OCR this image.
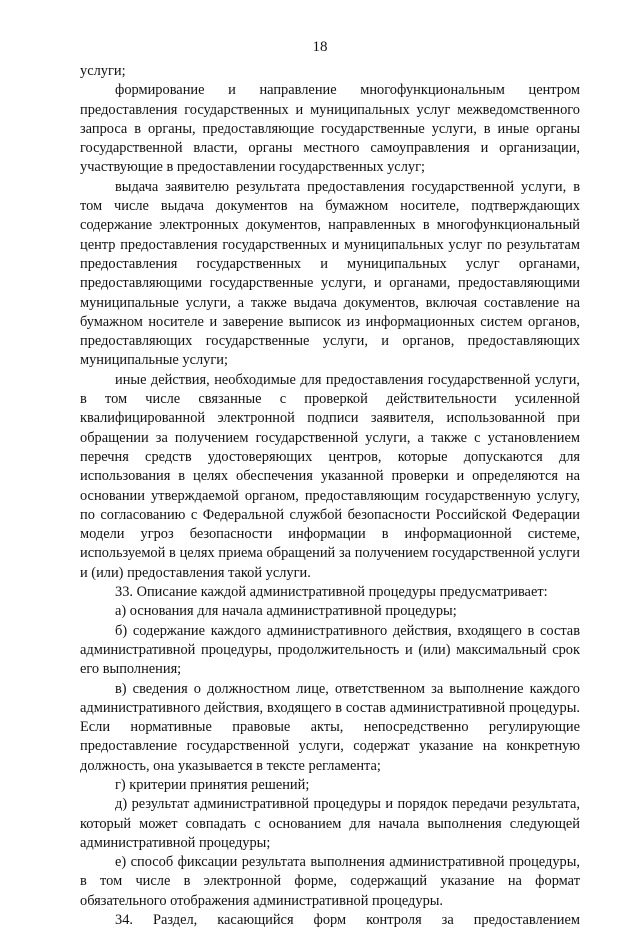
18

услуги;

формирование и направление многофункциональным центром предоставления государственных и муниципальных услуг межведомственного запроса в органы, предоставляющие государственные услуги, в иные органы государственной власти, органы местного самоуправления и организации, участвующие в предоставлении государственных услуг;

выдача заявителю результата предоставления государственной услуги, в том числе выдача документов на бумажном носителе, подтверждающих содержание электронных документов, направленных в многофункциональный центр предоставления государственных и муниципальных услуг по результатам предоставления государственных и муниципальных услуг органами, предоставляющими государственные услуги, и органами, предоставляющими муниципальные услуги, а также выдача документов, включая составление на бумажном носителе и заверение выписок из информационных систем органов, предоставляющих государственные услуги, и органов, предоставляющих муниципальные услуги;

иные действия, необходимые для предоставления государственной услуги, в том числе связанные с проверкой действительности усиленной квалифицированной электронной подписи заявителя, использованной при обращении за получением государственной услуги, а также с установлением перечня средств удостоверяющих центров, которые допускаются для использования в целях обеспечения указанной проверки и определяются на основании утверждаемой органом, предоставляющим государственную услугу, по согласованию с Федеральной службой безопасности Российской Федерации модели угроз безопасности информации в информационной системе, используемой в целях приема обращений за получением государственной услуги и (или) предоставления такой услуги.

33. Описание каждой административной процедуры предусматривает:

а) основания для начала административной процедуры;

б) содержание каждого административного действия, входящего в состав административной процедуры, продолжительность и (или) максимальный срок его выполнения;

в) сведения о должностном лице, ответственном за выполнение каждого административного действия, входящего в состав административной процедуры. Если нормативные правовые акты, непосредственно регулирующие предоставление государственной услуги, содержат указание на конкретную должность, она указывается в тексте регламента;

г) критерии принятия решений;

д) результат административной процедуры и порядок передачи результата, который может совпадать с основанием для начала выполнения следующей административной процедуры;

е) способ фиксации результата выполнения административной процедуры, в том числе в электронной форме, содержащий указание на формат обязательного отображения административной процедуры.

34. Раздел, касающийся форм контроля за предоставлением
